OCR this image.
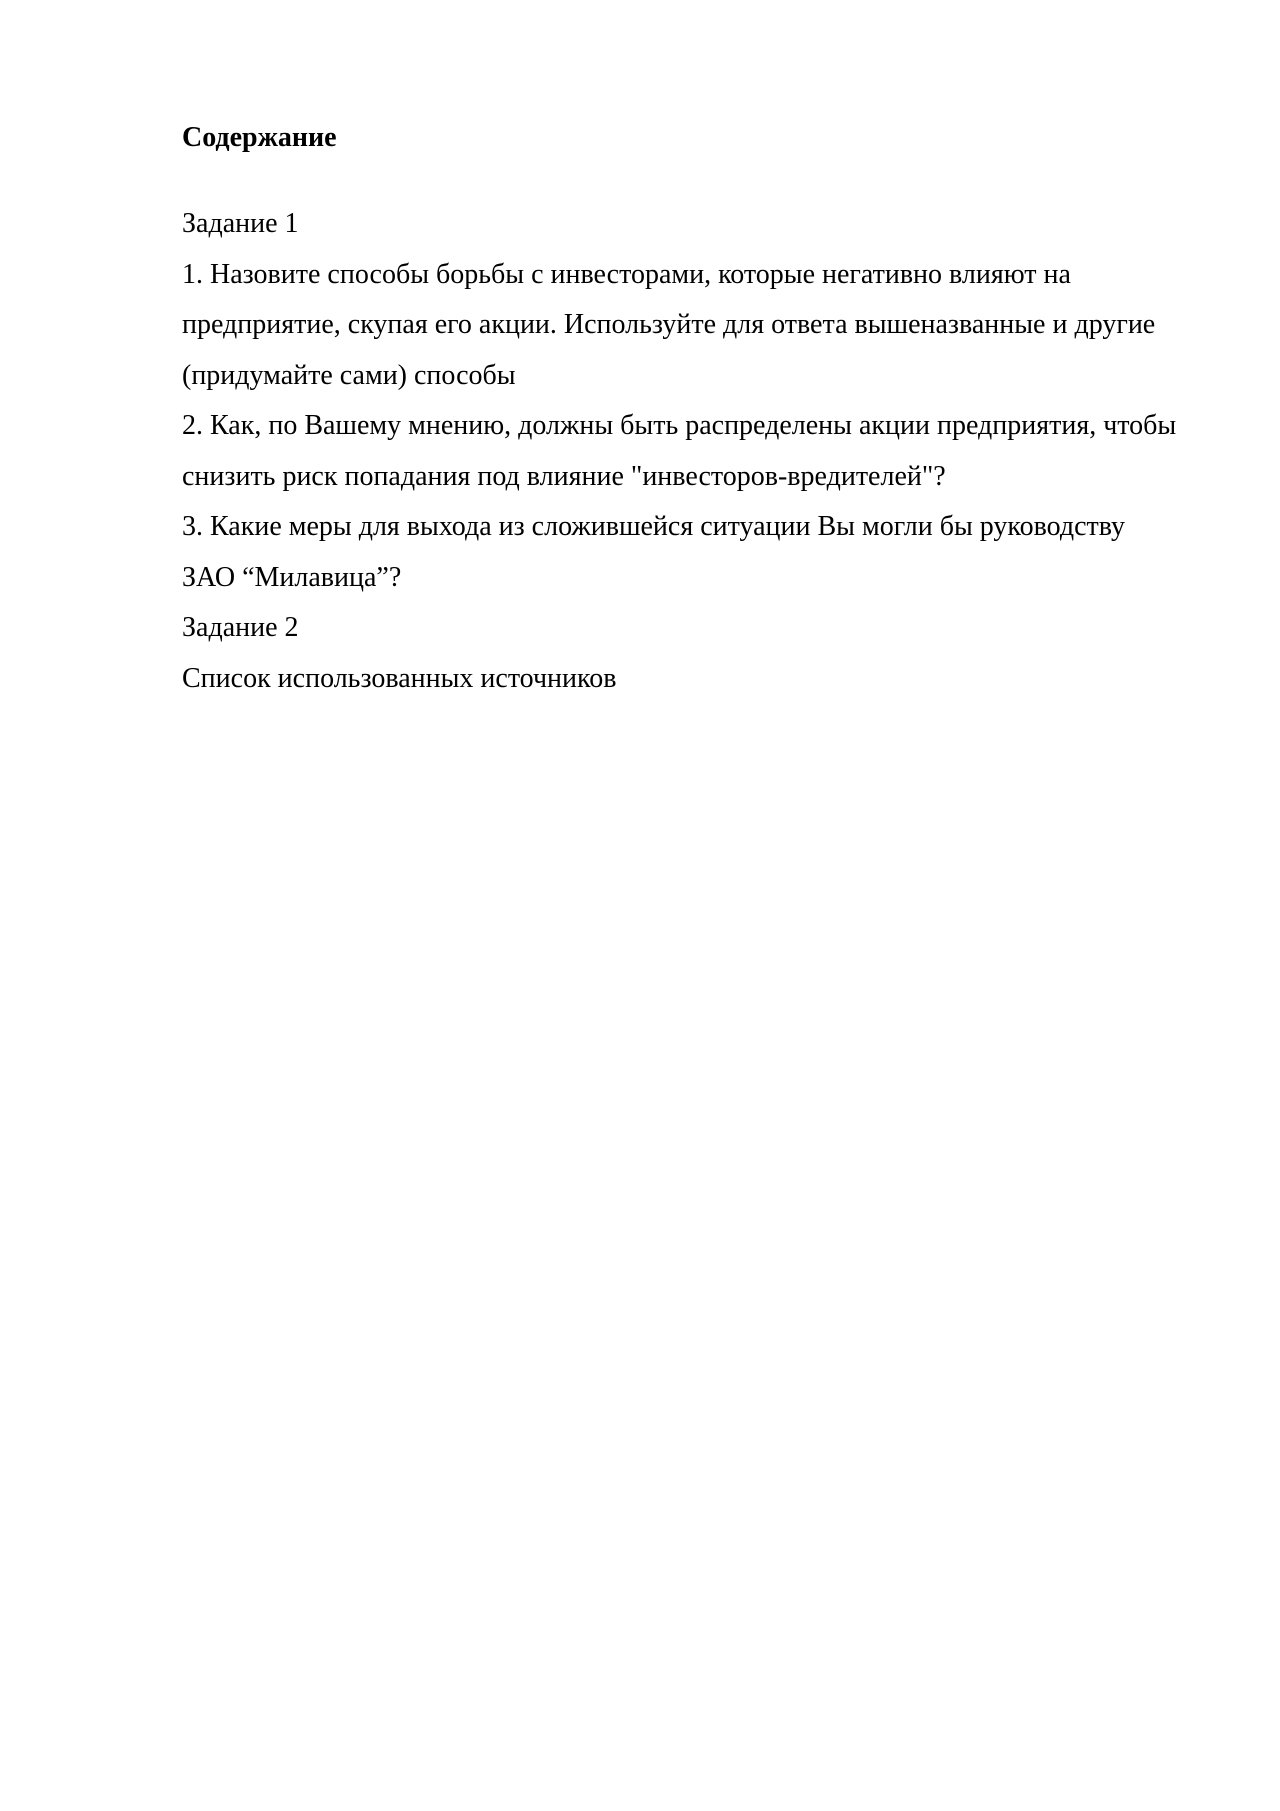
Содержание
Задание 1
1. Назовите способы борьбы с инвесторами, которые негативно влияют на предприятие, скупая его акции. Используйте для ответа вышеназванные и другие (придумайте сами) способы
2. Как, по Вашему мнению, должны быть распределены акции предприятия, чтобы снизить риск попадания под влияние "инвесторов-вредителей"?
3. Какие меры для выхода из сложившейся ситуации Вы могли бы руководству ЗАО “Милавица”?
Задание 2
Список использованных источников
